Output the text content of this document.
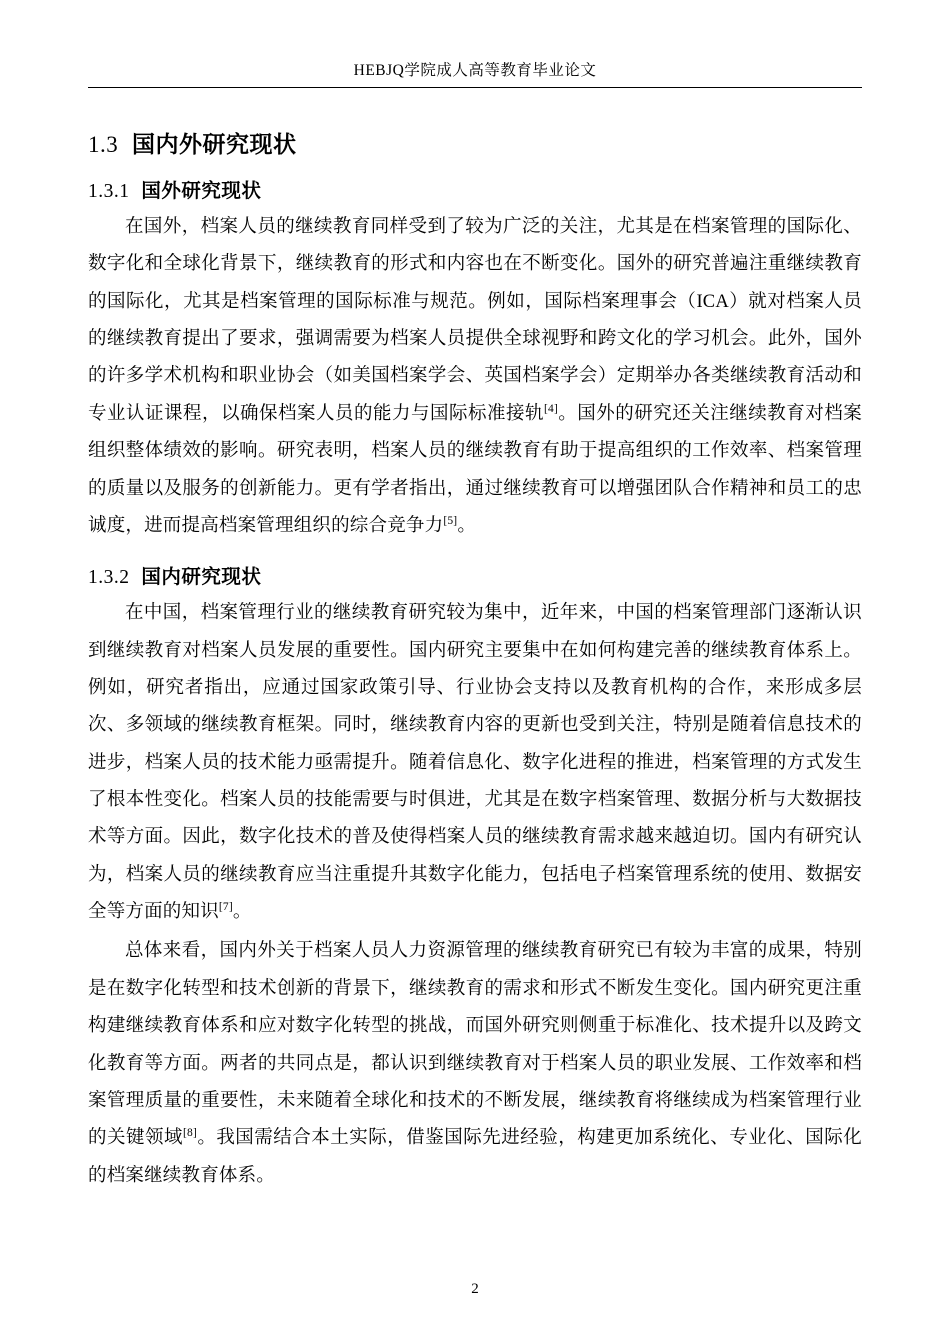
HEBJQ学院成人高等教育毕业论文
1.3 国内外研究现状
1.3.1 国外研究现状

在国外，档案人员的继续教育同样受到了较为广泛的关注，尤其是在档案管理的国际化、数字化和全球化背景下，继续教育的形式和内容也在不断变化。国外的研究普遍注重继续教育的国际化，尤其是档案管理的国际标准与规范。例如，国际档案理事会（ICA）就对档案人员的继续教育提出了要求，强调需要为档案人员提供全球视野和跨文化的学习机会。此外，国外的许多学术机构和职业协会（如美国档案学会、英国档案学会）定期举办各类继续教育活动和专业认证课程，以确保档案人员的能力与国际标准接轨[4]。国外的研究还关注继续教育对档案组织整体绩效的影响。研究表明，档案人员的继续教育有助于提高组织的工作效率、档案管理的质量以及服务的创新能力。更有学者指出，通过继续教育可以增强团队合作精神和员工的忠诚度，进而提高档案管理组织的综合竞争力[5]。

1.3.2 国内研究现状

在中国，档案管理行业的继续教育研究较为集中，近年来，中国的档案管理部门逐渐认识到继续教育对档案人员发展的重要性。国内研究主要集中在如何构建完善的继续教育体系上。例如，研究者指出，应通过国家政策引导、行业协会支持以及教育机构的合作，来形成多层次、多领域的继续教育框架。同时，继续教育内容的更新也受到关注，特别是随着信息技术的进步，档案人员的技术能力亟需提升。随着信息化、数字化进程的推进，档案管理的方式发生了根本性变化。档案人员的技能需要与时俱进，尤其是在数字档案管理、数据分析与大数据技术等方面。因此，数字化技术的普及使得档案人员的继续教育需求越来越迫切。国内有研究认为，档案人员的继续教育应当注重提升其数字化能力，包括电子档案管理系统的使用、数据安全等方面的知识[7]。

总体来看，国内外关于档案人员人力资源管理的继续教育研究已有较为丰富的成果，特别是在数字化转型和技术创新的背景下，继续教育的需求和形式不断发生变化。国内研究更注重构建继续教育体系和应对数字化转型的挑战，而国外研究则侧重于标准化、技术提升以及跨文化教育等方面。两者的共同点是，都认识到继续教育对于档案人员的职业发展、工作效率和档案管理质量的重要性，未来随着全球化和技术的不断发展，继续教育将继续成为档案管理行业的关键领域[8]。我国需结合本土实际，借鉴国际先进经验，构建更加系统化、专业化、国际化的档案继续教育体系。

2
